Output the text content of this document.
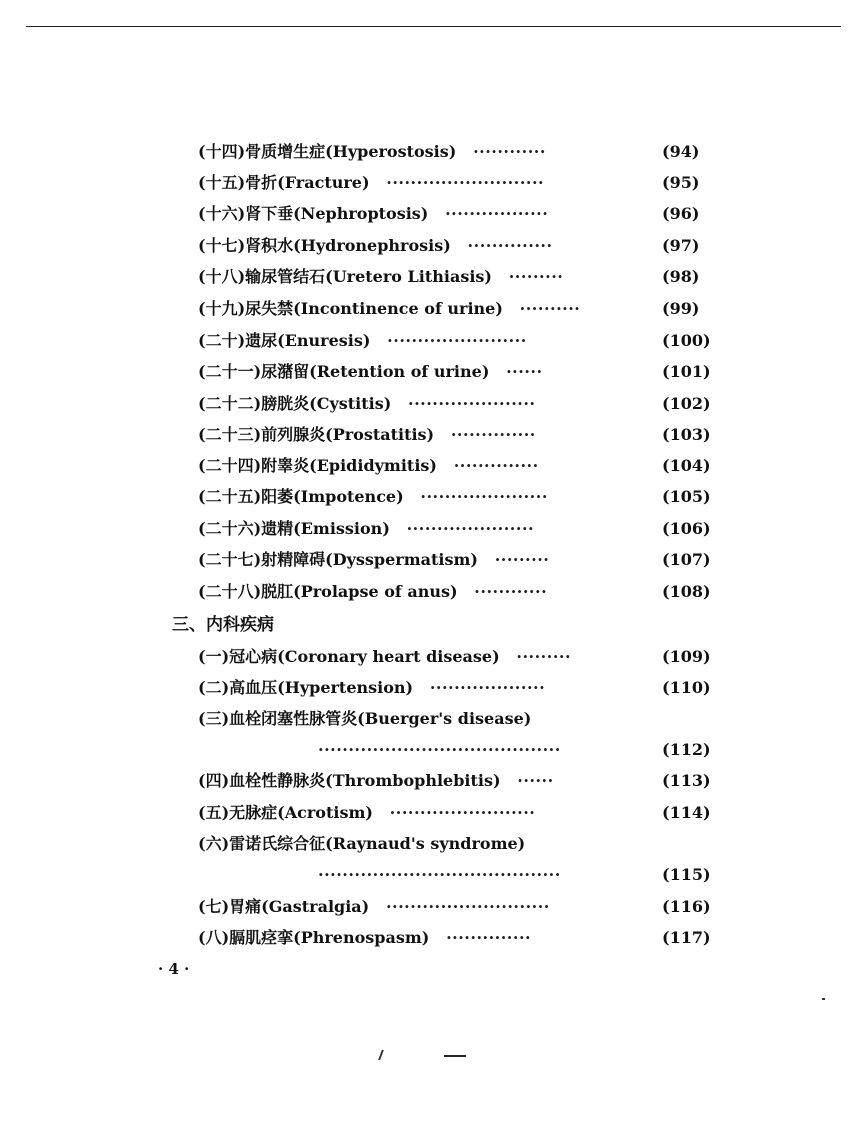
(十四)骨质增生症(Hyperostosis) ············	(94)
(十五)骨折(Fracture) ··························	(95)
(十六)肾下垂(Nephroptosis) ·················	(96)
(十七)肾积水(Hydronephrosis) ··············	(97)
(十八)输尿管结石(Uretero Lithiasis) ·········	(98)
(十九)尿失禁(Incontinence of urine) ··········	(99)
(二十)遗尿(Enuresis) ·······················	(100)
(二十一)尿潴留(Retention of urine) ······	(101)
(二十二)膀胱炎(Cystitis) ·····················	(102)
(二十三)前列腺炎(Prostatitis) ··············	(103)
(二十四)附睾炎(Epididymitis) ··············	(104)
(二十五)阳萎(Impotence) ·····················	(105)
(二十六)遗精(Emission) ·····················	(106)
(二十七)射精障碍(Dysspermatism) ·········	(107)
(二十八)脱肛(Prolapse of anus) ············	(108)
三、内科疾病
(一)冠心病(Coronary heart disease) ·········	(109)
(二)高血压(Hypertension) ···················	(110)
(三)血栓闭塞性脉管炎(Buerger's disease)
········································	(112)
(四)血栓性静脉炎(Thrombophlebitis) ······	(113)
(五)无脉症(Acrotism) ························	(114)
(六)雷诺氏综合征(Raynaud's syndrome)
········································	(115)
(七)胃痛(Gastralgia) ···························	(116)
(八)膈肌痉挛(Phrenospasm) ··············	(117)
· 4 ·
